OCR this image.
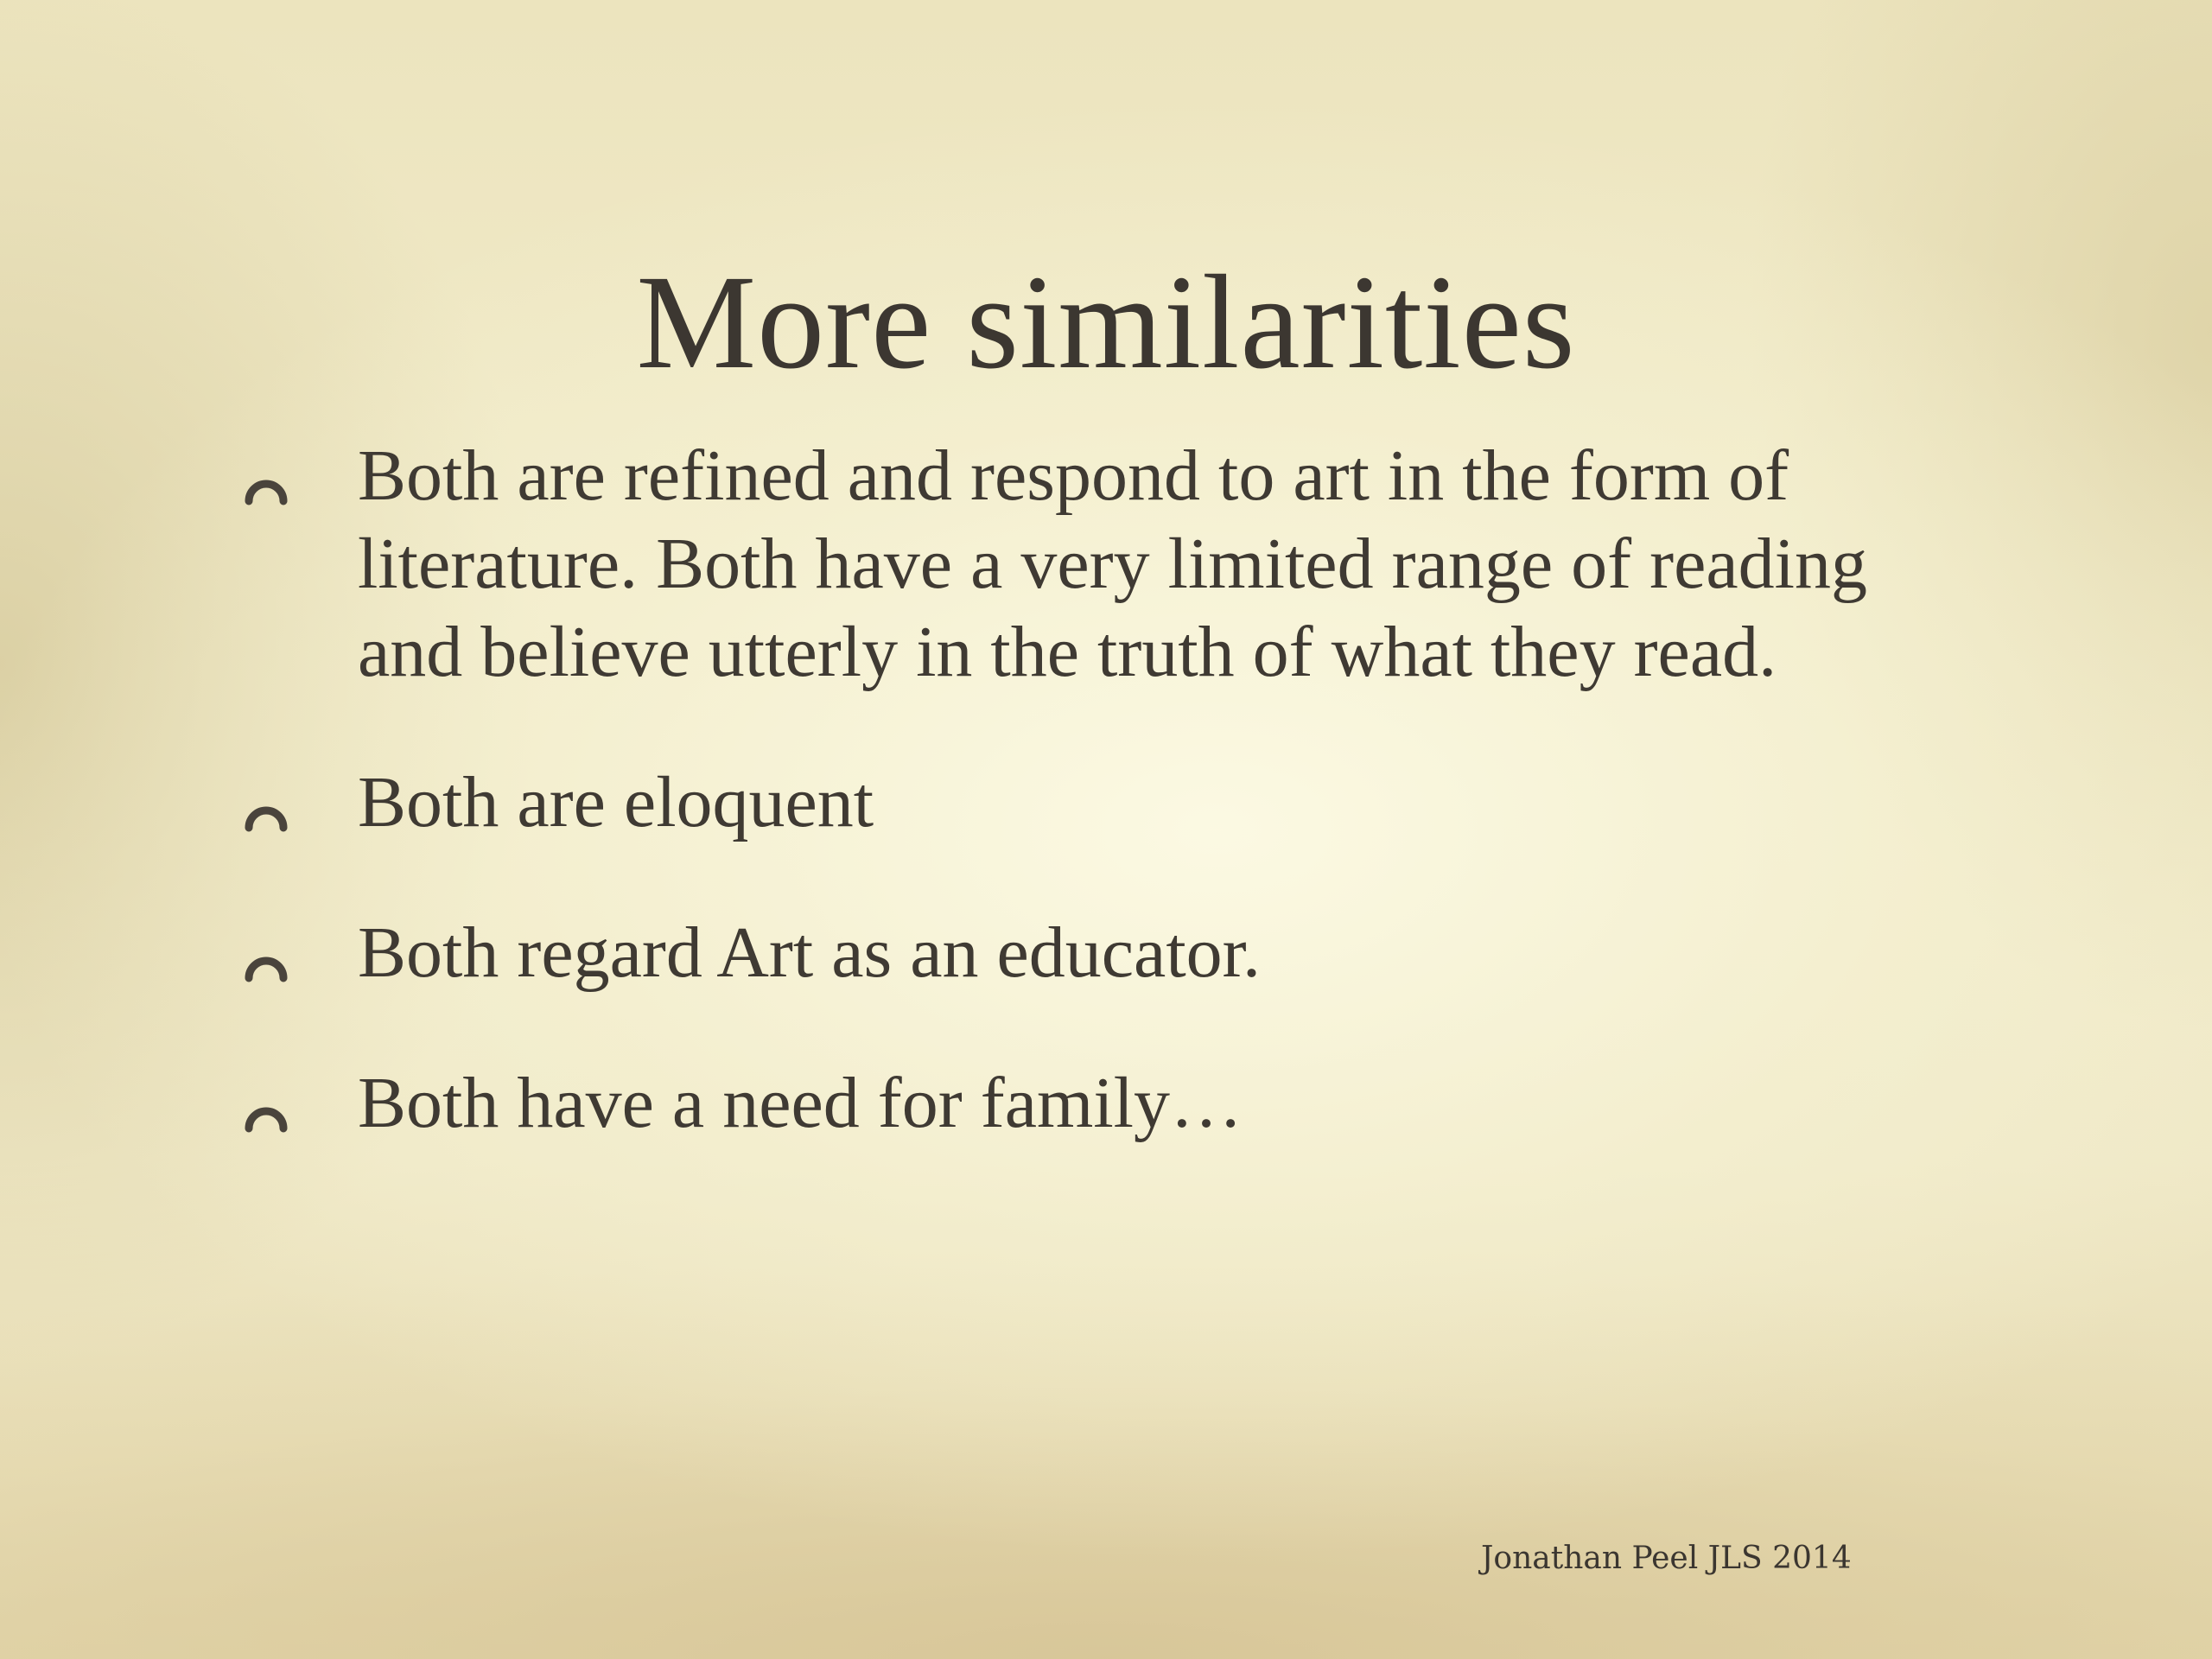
More similarities
Both are refined and respond to art in the form of literature. Both have a very limited range of reading and believe utterly in the truth of what they read.
Both are eloquent
Both regard Art as an educator.
Both have a need for family…
Jonathan Peel JLS 2014
